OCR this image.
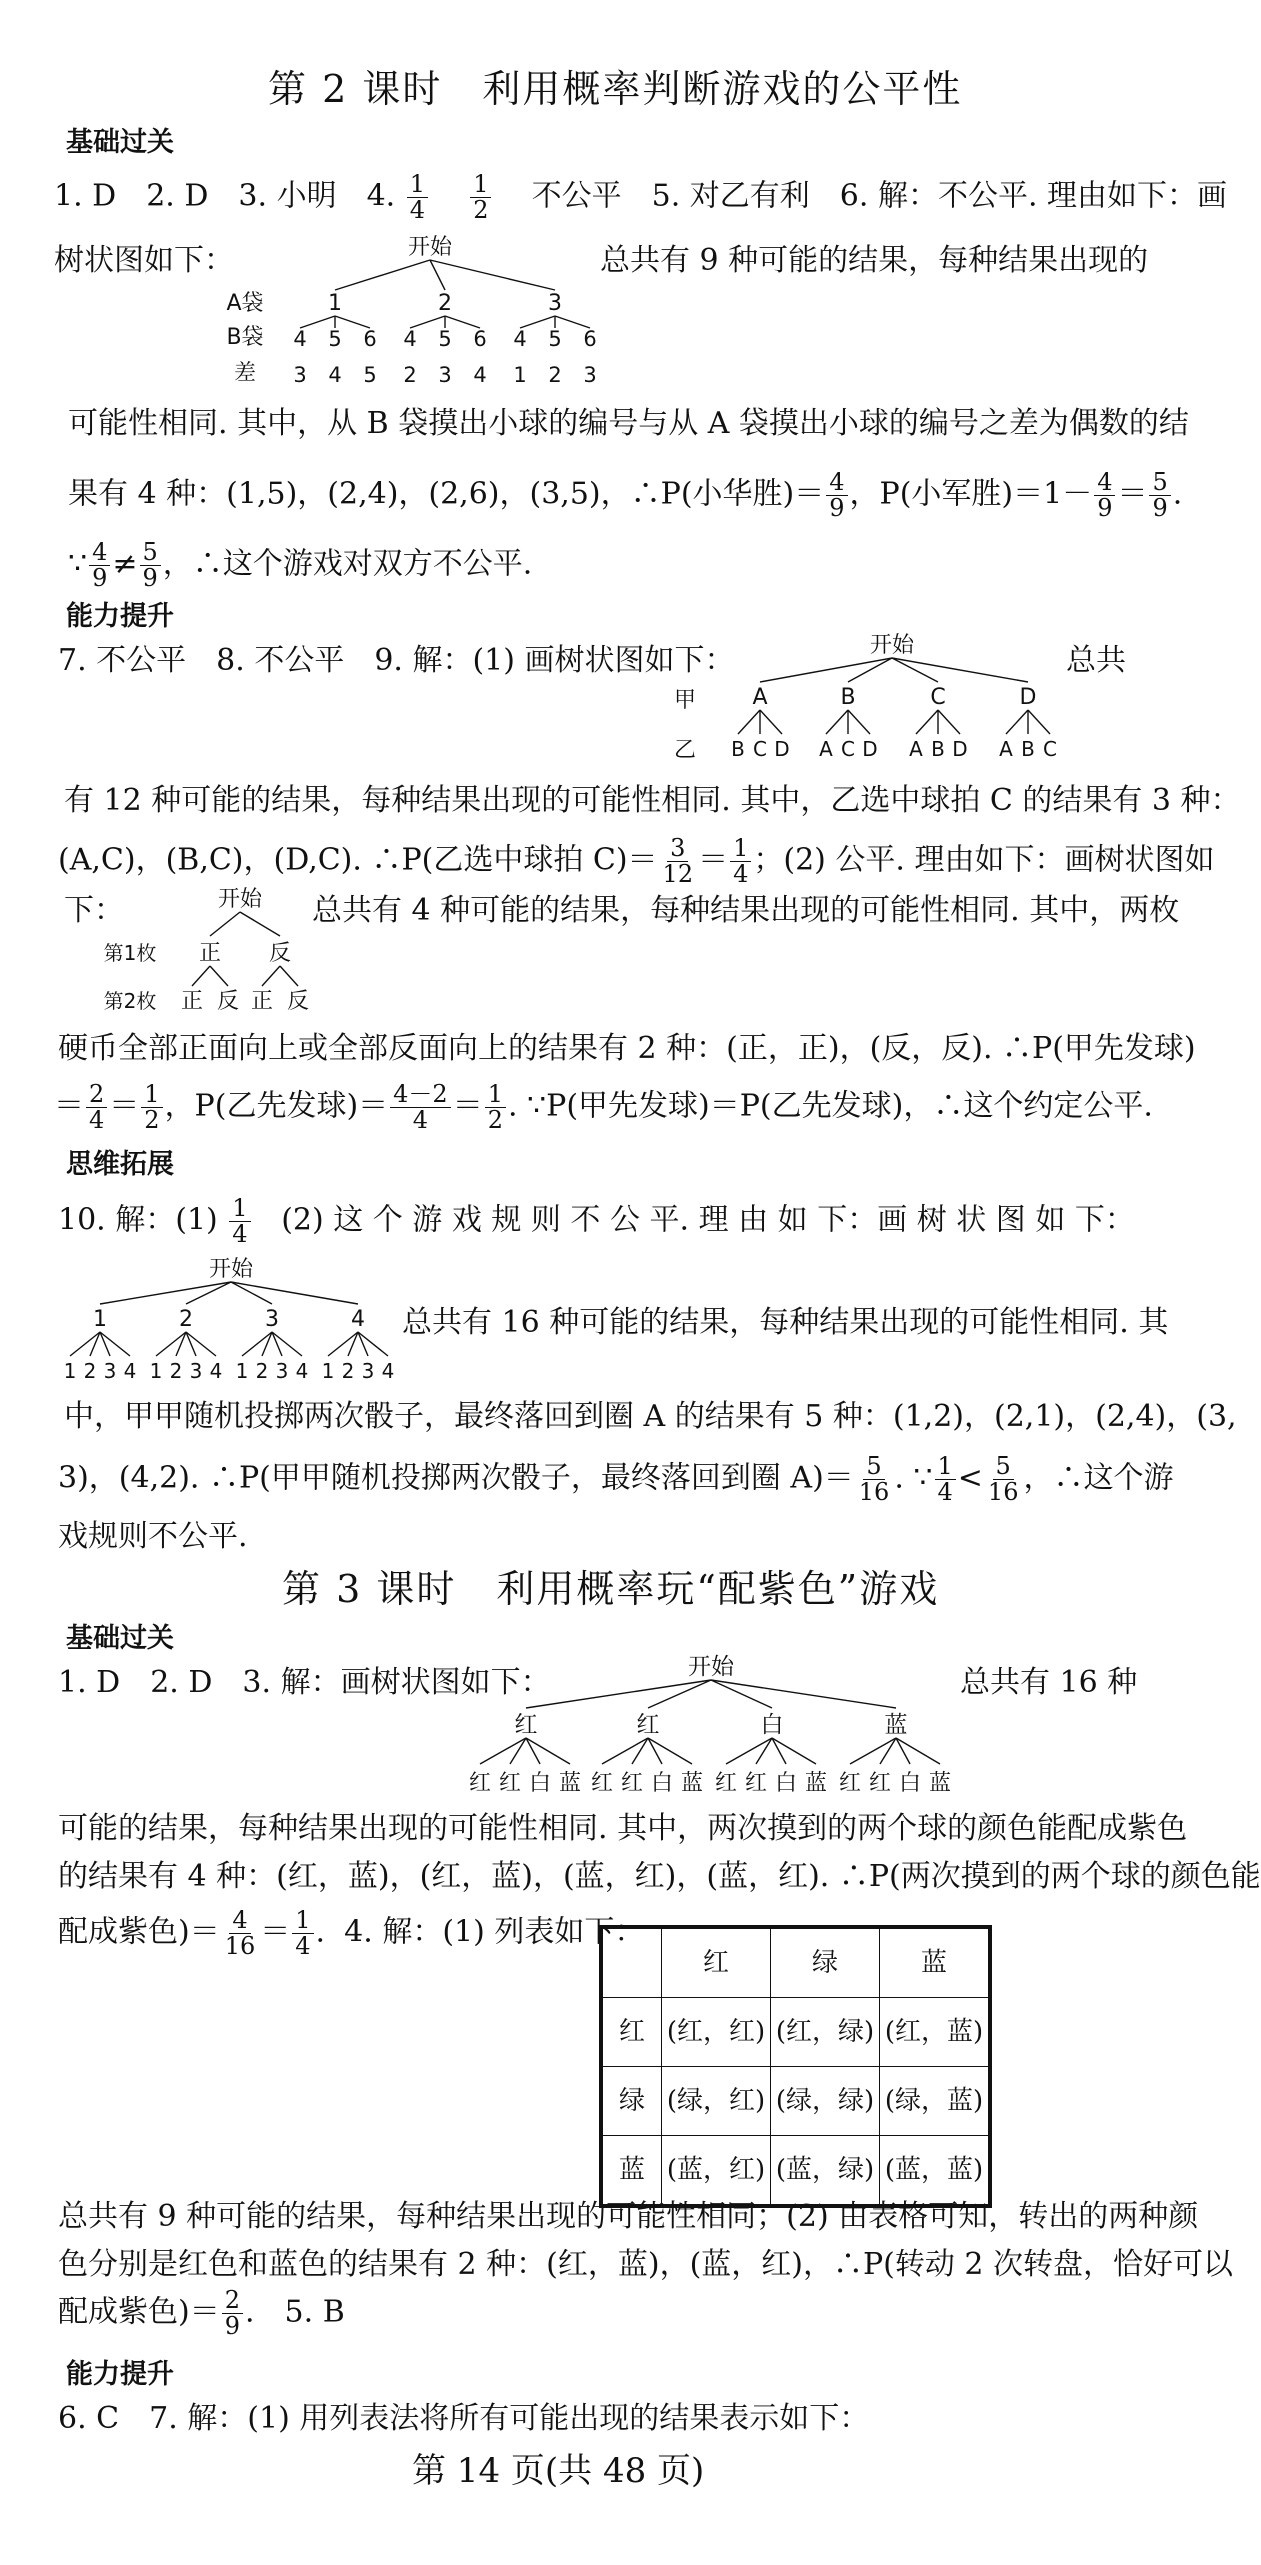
第 2 课时　利用概率判断游戏的公平性
基础过关
1. D　2. D　3. 小明　4. $\frac{1}{4}$
$\frac{1}{2}$ 不公平　5. 对乙有利　6. 解：不公平. 理由如下：画
树状图如下：	总共有 9 种可能的结果，每种结果出现的
开始
A袋
B袋
差
1	2	3
4 5 6 4 5 6 4 5 6
3 4 5 2 3 4 1 2 3
可能性相同. 其中，从 B 袋摸出小球的编号与从 A 袋摸出小球的编号之差为偶数的结
果有 4 种：(1,5)，(2,4)，(2,6)，(3,5)，∴P(小华胜)＝ $\frac{4}{9}$ ，P(小军胜)$=1- \frac{4}{9} = \frac{5}{9}$ .
∵ $\frac{4}{9} \ne \frac{5}{9}$ ，∴这个游戏对双方不公平.
能力提升
7. 不公平　8. 不公平　9. 解：(1) 画树状图如下：	总共
开始
甲
乙
A	B	C	D
B C D A C D A B D A B C
有 12 种可能的结果，每种结果出现的可能性相同. 其中，乙选中球拍 C 的结果有 3 种：
(A,C)，(B,C)，(D,C). ∴P(乙选中球拍 $C)= \frac{3}{12} = \frac{1}{4}$ ；(2) 公平. 理由如下：画树状图如
下：	总共有 4 种可能的结果，每种结果出现的可能性相同. 其中，两枚
开始
第1枚
第2枚
正 反
正 反 正 反
硬币全部正面向上或全部反面向上的结果有 2 种：(正，正)，(反，反). ∴P(甲先发球)
＝ $\frac{2}{4} = \frac{1}{2}$ ，P(乙先发球)＝ $\frac{4-2}{4} = \frac{1}{2}$ . ∵P(甲先发球)＝P(乙先发球)，∴这个约定公平.
思维拓展
10. 解：$(1) \frac{1}{4} (2)$ 这 个 游 戏 规 则 不 公 平. 理 由 如 下：画 树 状 图 如 下：
开始
1	2	3	4
1 2 3 4 1 2 3 4 1 2 3 4 1 2 3 4
总共有 16 种可能的结果，每种结果出现的可能性相同. 其
中，甲甲随机投掷两次骰子，最终落回到圈 A 的结果有 5 种：(1,2)，(2,1)，(2,4)，(3,
3)，(4,2). ∴P(甲甲随机投掷两次骰子，最终落回到圈 $A)= \frac{5}{16}$ . ∵ $\frac{1}{4} < \frac{5}{16}$ ，∴这个游
戏规则不公平.
第 3 课时　利用概率玩“配紫色”游戏
基础过关
1. D　2. D　3. 解：画树状图如下：	总共有 16 种
开始
红	红	白	蓝
红 红 白 蓝 红 红 白 蓝 红 红 白 蓝 红 红 白 蓝
可能的结果，每种结果出现的可能性相同. 其中，两次摸到的两个球的颜色能配成紫色
的结果有 4 种：(红，蓝)，(红，蓝)，(蓝，红)，(蓝，红). ∴P(两次摸到的两个球的颜色能
配成紫色)＝ $\frac{4}{16} = \frac{1}{4}$ .  4. 解：(1) 列表如下：
	红	绿	蓝
红	(红，红)	(红，绿)	(红，蓝)
绿	(绿，红)	(绿，绿)	(绿，蓝)
蓝	(蓝，红)	(蓝，绿)	(蓝，蓝)
总共有 9 种可能的结果，每种结果出现的可能性相同；(2) 由表格可知，转出的两种颜
色分别是红色和蓝色的结果有 2 种：(红，蓝)，(蓝，红)，∴P(转动 2 次转盘，恰好可以
配成紫色)＝ $\frac{2}{9}$ .　5. B
能力提升
6. C　7. 解：(1) 用列表法将所有可能出现的结果表示如下：
第 14 页(共 48 页)
